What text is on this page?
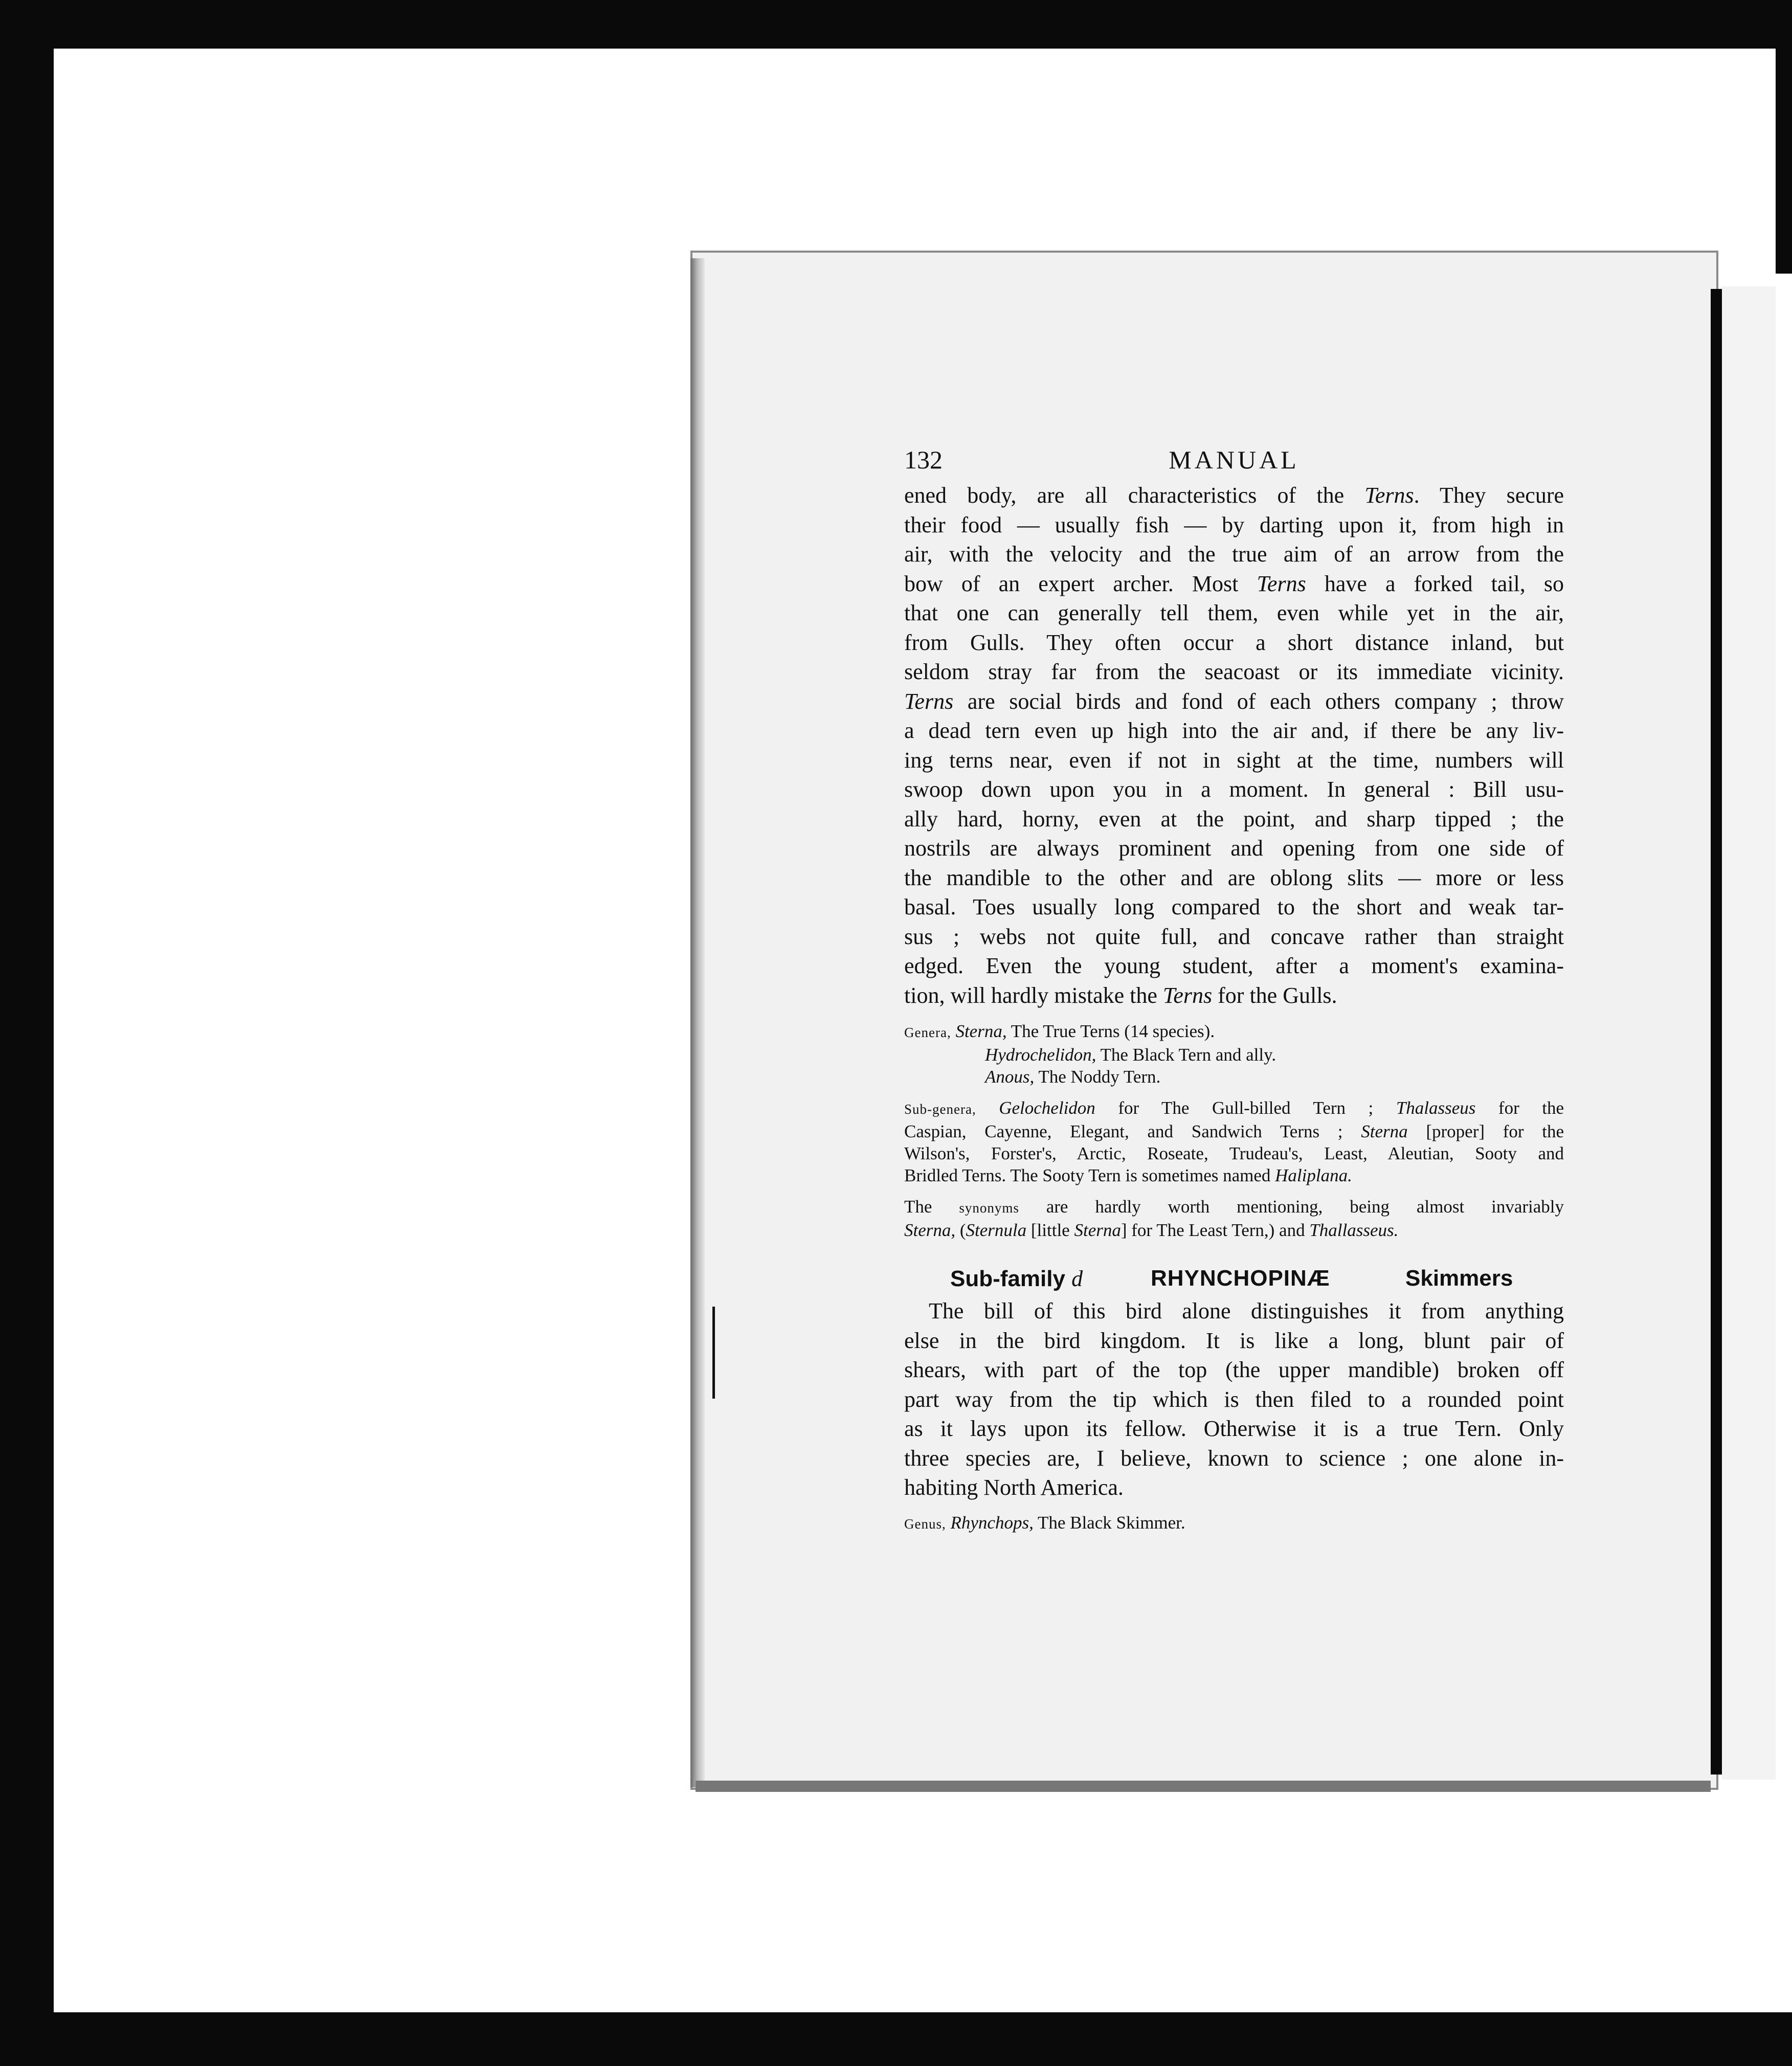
132	MANUAL

ened body, are all characteristics of the Terns. They secure
their food — usually fish — by darting upon it, from high in
air, with the velocity and the true aim of an arrow from the
bow of an expert archer. Most Terns have a forked tail, so
that one can generally tell them, even while yet in the air,
from Gulls. They often occur a short distance inland, but
seldom stray far from the seacoast or its immediate vicinity.
Terns are social birds and fond of each others company ; throw
a dead tern even up high into the air and, if there be any liv-
ing terns near, even if not in sight at the time, numbers will
swoop down upon you in a moment. In general : Bill usu-
ally hard, horny, even at the point, and sharp tipped ; the
nostrils are always prominent and opening from one side of
the mandible to the other and are oblong slits — more or less
basal. Toes usually long compared to the short and weak tar-
sus ; webs not quite full, and concave rather than straight
edged. Even the young student, after a moment's examina-
tion, will hardly mistake the Terns for the Gulls.

Genera, Sterna, The True Terns (14 species).
Hydrochelidon, The Black Tern and ally.
Anous, The Noddy Tern.

Sub-genera, Gelochelidon for The Gull-billed Tern ; Thalasseus for the
Caspian, Cayenne, Elegant, and Sandwich Terns ; Sterna [proper] for the
Wilson's, Forster's, Arctic, Roseate, Trudeau's, Least, Aleutian, Sooty and
Bridled Terns. The Sooty Tern is sometimes named Haliplana.

The synonyms are hardly worth mentioning, being almost invariably
Sterna, (Sternula [little Sterna] for The Least Tern,) and Thallasseus.

Sub-family d	RHYNCHOPINÆ	Skimmers

The bill of this bird alone distinguishes it from anything
else in the bird kingdom. It is like a long, blunt pair of
shears, with part of the top (the upper mandible) broken off
part way from the tip which is then filed to a rounded point
as it lays upon its fellow. Otherwise it is a true Tern. Only
three species are, I believe, known to science ; one alone in-
habiting North America.

Genus, Rhynchops, The Black Skimmer.
